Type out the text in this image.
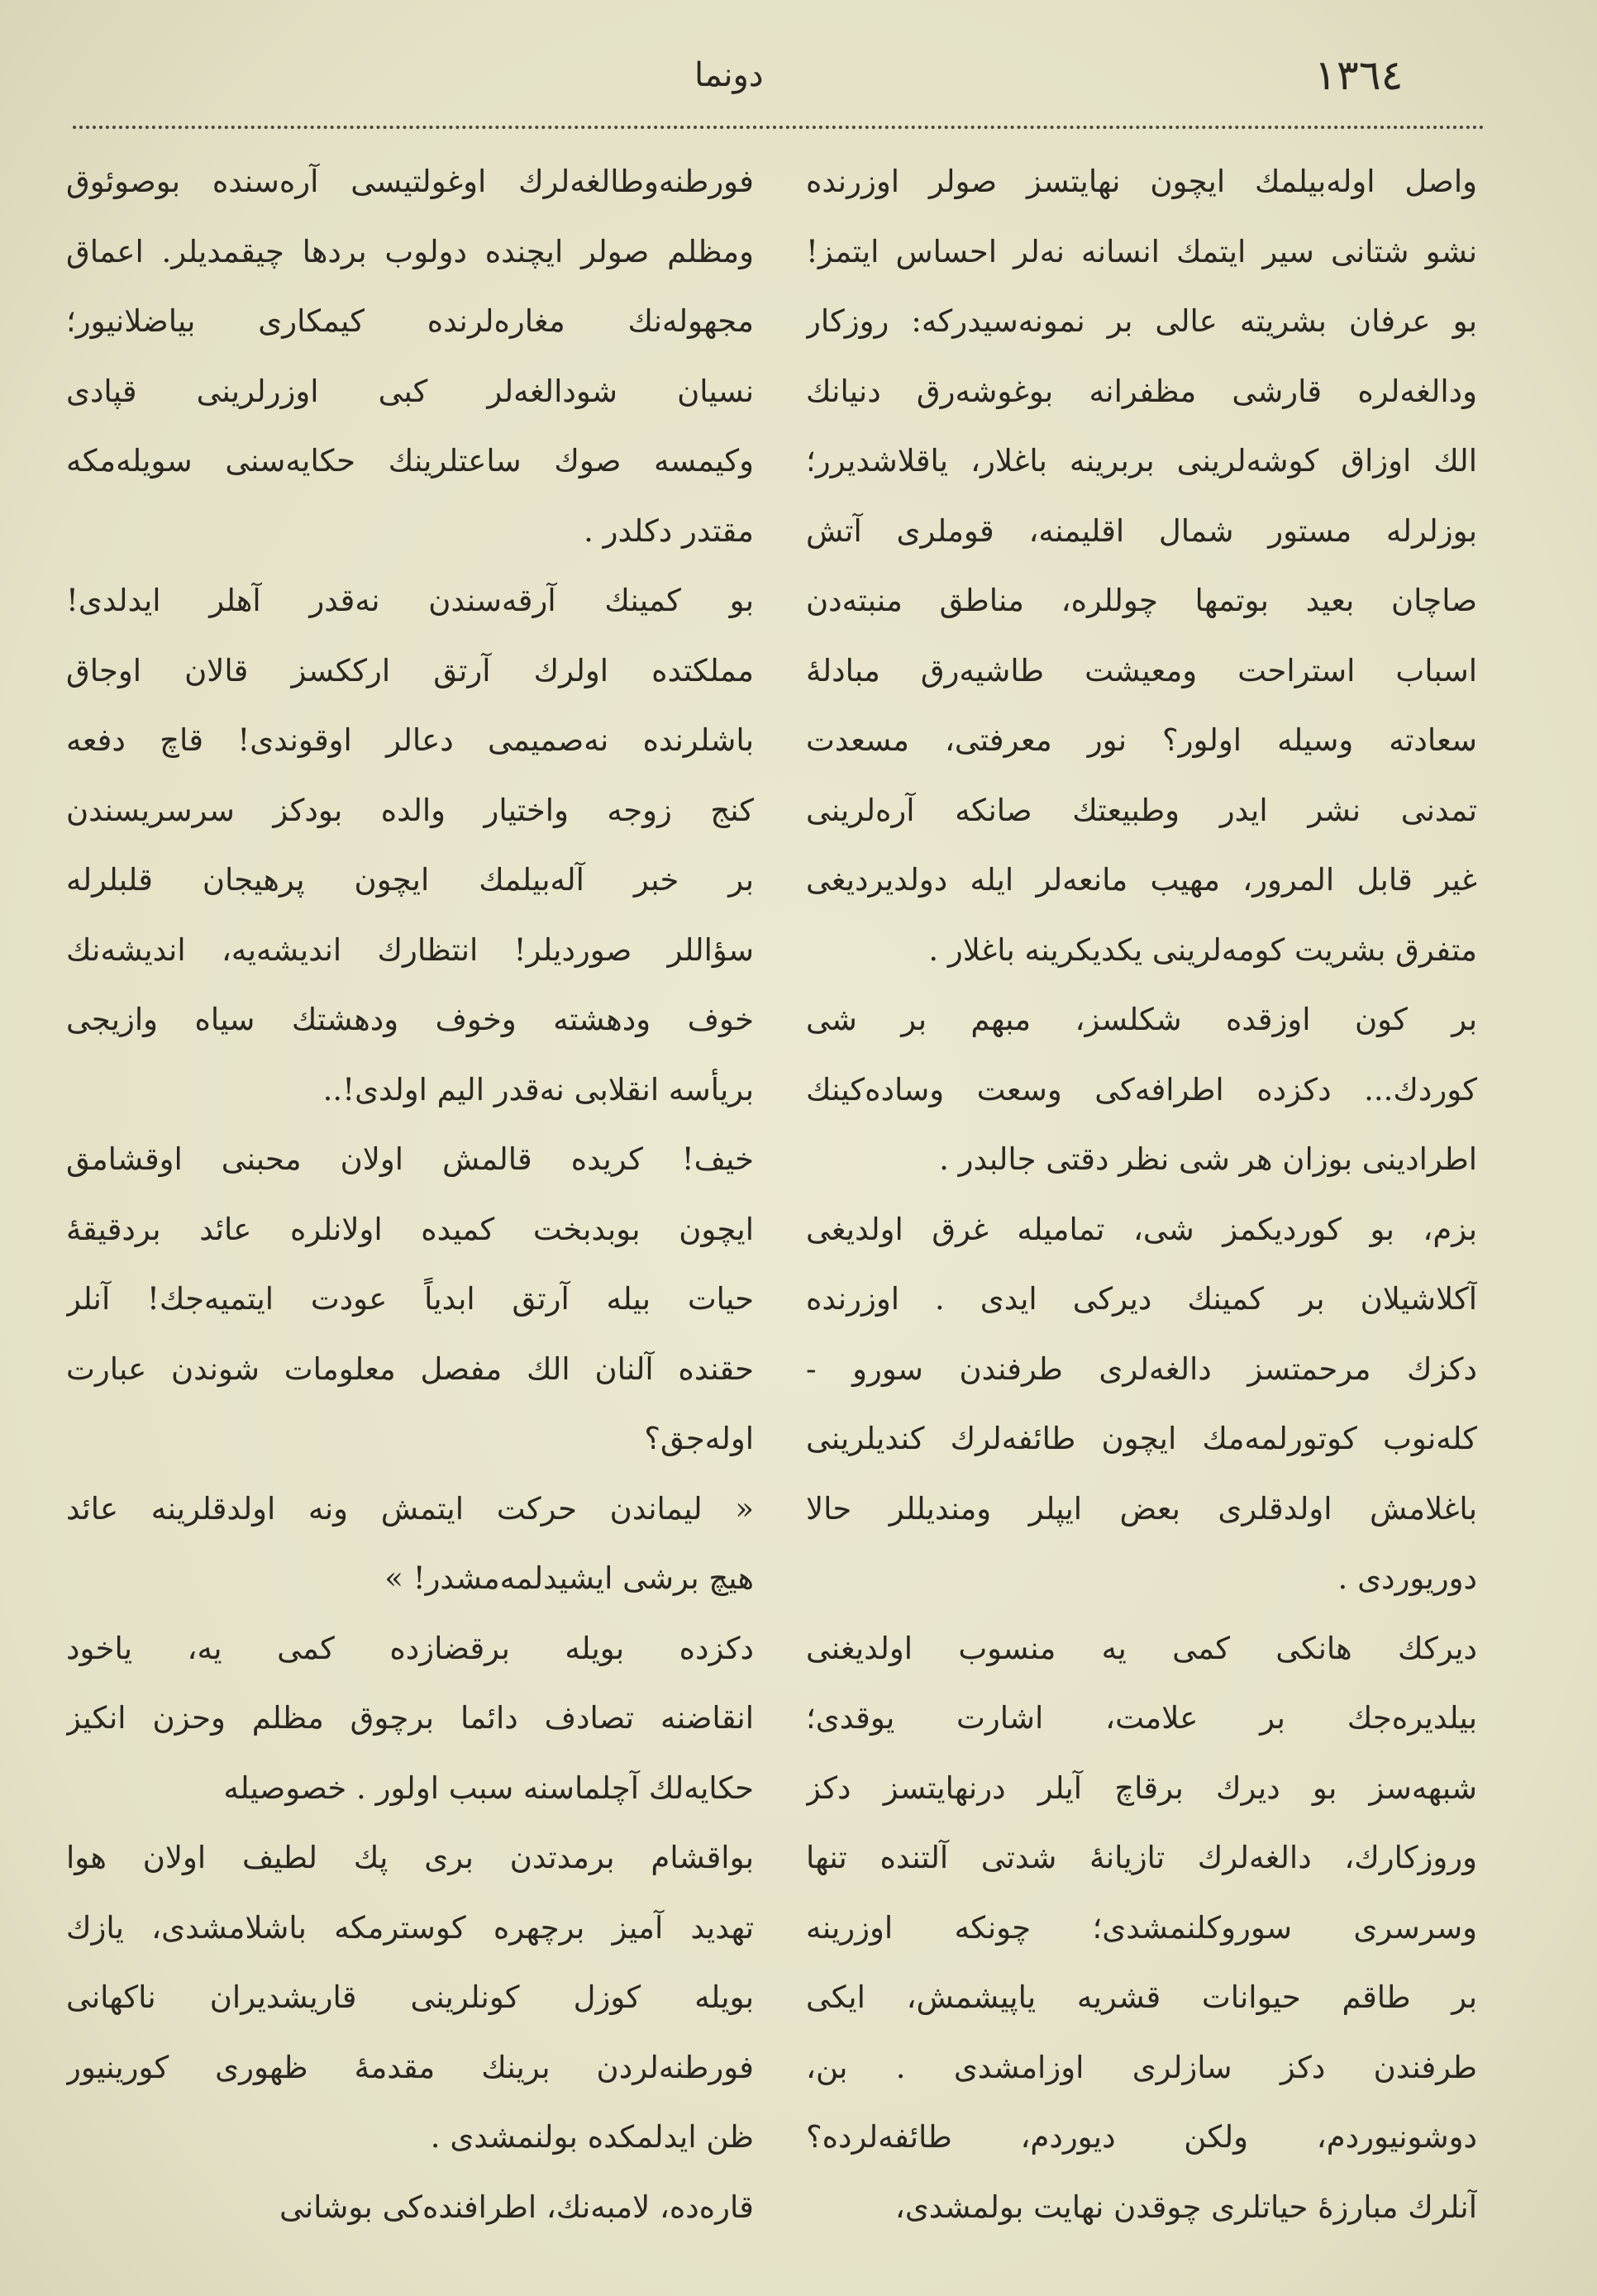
١٣٦٤
دونما
واصل اولەبیلمك ایچون نهایتسز صولر اوزرندە
نشو شتانی سیر ایتمك انسانە نەلر احساس ایتمز!
بو عرفان بشریتە عالی بر نمونەسیدرکە: روزکار
ودالغەلرە قارشی مظفرانە بوغوشەرق دنیانك
الك اوزاق کوشەلرینی بربرینە باغلار، یاقلاشدیرر؛
بوزلرلە مستور شمال اقلیمنە، قوملری آتش
صاچان بعید بوتمها چوللرە، مناطق منبتەدن
اسباب استراحت ومعیشت طاشیەرق مبادلۀ
سعادتە وسیلە اولور؟ نور معرفتی، مسعدت
تمدنی نشر ایدر وطبیعتك صانكە آرەلرینی
غیر قابل المرور، مهیب مانعەلر ایلە دولدیردیغی
متفرق بشریت کومەلرینی یکدیکرینە باغلار .
بر کون اوزقدە شکلسز، مبهم بر شی
کوردك... دکزدە اطرافەکی وسعت وسادەکینك
اطرادینی بوزان هر شی نظر دقتی جالبدر .
بزم، بو کوردیکمز شی، تمامیلە غرق اولدیغی
آکلاشیلان بر کمینك دیرکی ایدی . اوزرندە
دکزك مرحمتسز دالغەلری طرفندن سورو -
کلەنوب کوتورلمەمك ایچون طائفەلرك کندیلرینی
باغلامش اولدقلری بعض ایپلر ومندیللر حالا
دوریوردی .
دیرکك هانکی کمی یە منسوب اولدیغنی
بیلدیرەجك بر علامت، اشارت یوقدی؛
شبهەسز بو دیرك برقاچ آیلر درنهایتسز دکز
وروزکارك، دالغەلرك تازیانۀ شدتی آلتندە تنها
وسرسری سوروکلنمشدی؛ چونكە اوزرینە
بر طاقم حیوانات قشریە یاپیشمش، ایکی
طرفندن دکز سازلری اوزامشدی . بن،
دوشونیوردم، ولكن دیوردم، طائفەلردە؟
آنلرك مبارزۀ حیاتلری چوقدن نهایت بولمشدی،
فورطنەوطالغەلرك اوغولتیسی آرەسندە بوصوئوق
ومظلم صولر ایچندە دولوب بردها چیقمدیلر. اعماق
مجهولەنك مغارەلرندە کیمکاری بیاضلانیور؛
نسیان شودالغەلر کبی اوزرلرینی قپادی
وکیمسە صوك ساعتلرینك حکایەسنی سویلەمکە
مقتدر دکلدر .
بو کمینك آرقەسندن نەقدر آهلر ایدلدی!
مملکتدە اولرك آرتق ارککسز قالان اوجاق
باشلرندە نەصمیمی دعالر اوقوندی! قاچ دفعە
کنج زوجە واختیار والدە بودکز سرسریسندن
بر خبر آلەبیلمك ایچون پرهیجان قلبلرلە
سؤاللر صوردیلر! انتظارك اندیشەیە، اندیشەنك
خوف ودهشتە وخوف ودهشتك سیاه وازیجی
بریأسە انقلابی نەقدر الیم اولدی!..
خیف! کریدە قالمش اولان محبنی اوقشامق
ایچون بوبدبخت کمیدە اولانلرە عائد بردقیقۀ
حیات بیلە آرتق ابدیاً عودت ایتمیەجك! آنلر
حقندە آلنان الك مفصل معلومات شوندن عبارت
اولەجق؟
« لیماندن حرکت ایتمش ونە اولدقلرینە عائد
هیچ برشی ایشیدلمەمشدر! »
دکزدە بویلە برقضازدە کمی یە، یاخود
انقاضنە تصادف دائما برچوق مظلم وحزن انکیز
حکایەلك آچلماسنە سبب اولور . خصوصیلە
بواقشام برمدتدن بری پك لطیف اولان هوا
تهدید آمیز برچهرە کوسترمکە باشلامشدی، یازك
بویلە کوزل کونلرینی قاریشدیران ناکهانی
فورطنەلردن برینك مقدمۀ ظهوری کورینیور
ظن ایدلمکدە بولنمشدی .
قارەدە، لامبەنك، اطرافندەکی بوشانی
